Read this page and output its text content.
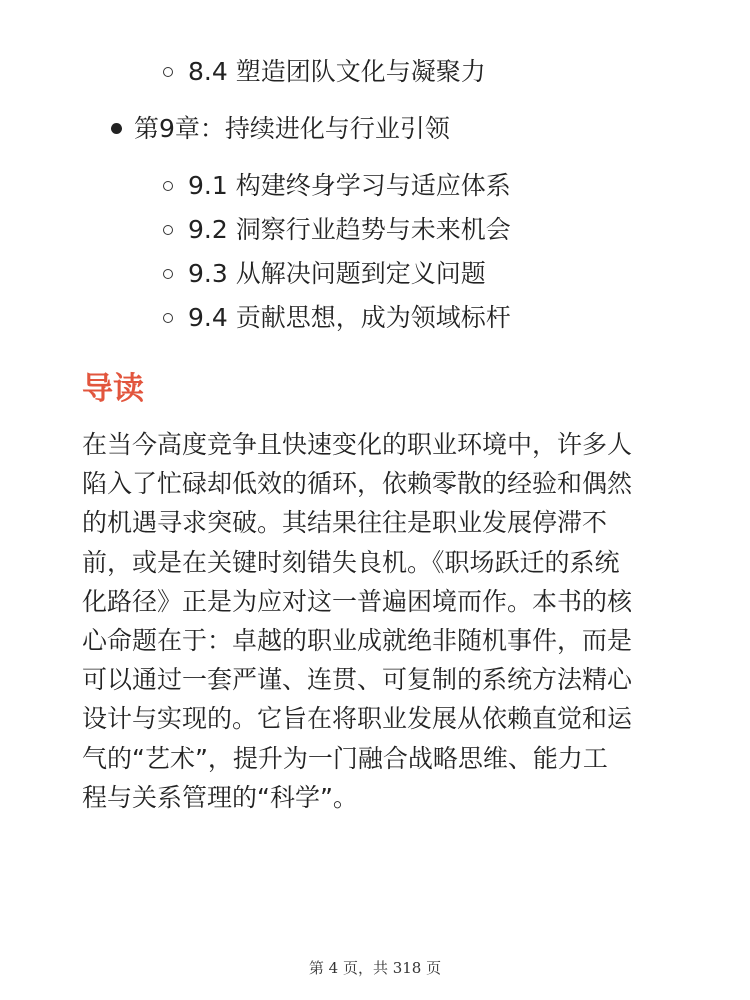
8.4 塑造团队文化与凝聚力
第9章：持续进化与行业引领
9.1 构建终身学习与适应体系
9.2 洞察行业趋势与未来机会
9.3 从解决问题到定义问题
9.4 贡献思想，成为领域标杆
导读
在当今高度竞争且快速变化的职业环境中，许多人
陷入了忙碌却低效的循环，依赖零散的经验和偶然
的机遇寻求突破。其结果往往是职业发展停滞不
前，或是在关键时刻错失良机。《职场跃迁的系统
化路径》正是为应对这一普遍困境而作。本书的核
心命题在于：卓越的职业成就绝非随机事件，而是
可以通过一套严谨、连贯、可复制的系统方法精心
设计与实现的。它旨在将职业发展从依赖直觉和运
气的“艺术”，提升为一门融合战略思维、能力工
程与关系管理的“科学”。
第 4 页，共 318 页
